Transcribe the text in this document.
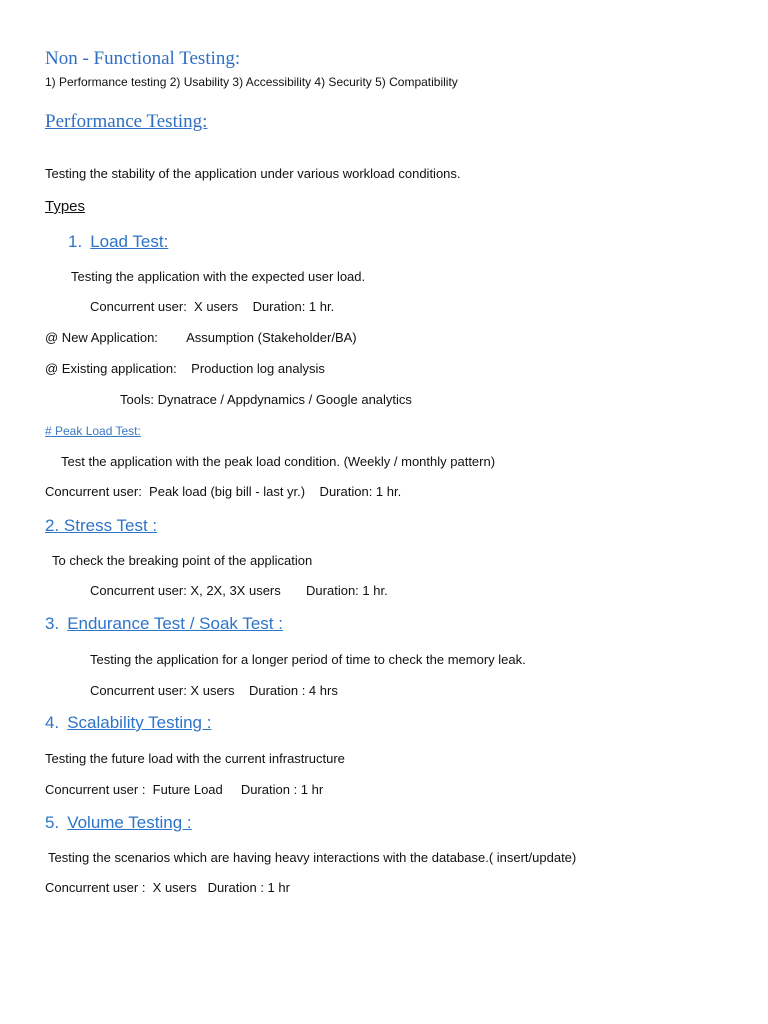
Non - Functional Testing:
1) Performance testing 2) Usability 3) Accessibility 4) Security 5) Compatibility
Performance Testing:
Testing the stability of the application under various workload conditions.
Types
1. Load Test:
Testing the application with the expected user load.
Concurrent user:  X users    Duration: 1 hr.
@ New Application:        Assumption (Stakeholder/BA)
@ Existing application:    Production log analysis
Tools: Dynatrace / Appdynamics / Google analytics
# Peak Load Test:
Test the application with the peak load condition. (Weekly / monthly pattern)
Concurrent user:  Peak load (big bill - last yr.)    Duration: 1 hr.
2. Stress Test :
To check the breaking point of the application
Concurrent user: X, 2X, 3X users       Duration: 1 hr.
3. Endurance Test / Soak Test :
Testing the application for a longer period of time to check the memory leak.
Concurrent user: X users    Duration : 4 hrs
4. Scalability Testing :
Testing the future load with the current infrastructure
Concurrent user :  Future Load     Duration : 1 hr
5. Volume Testing :
Testing the scenarios which are having heavy interactions with the database.( insert/update)
Concurrent user :  X users   Duration : 1 hr
